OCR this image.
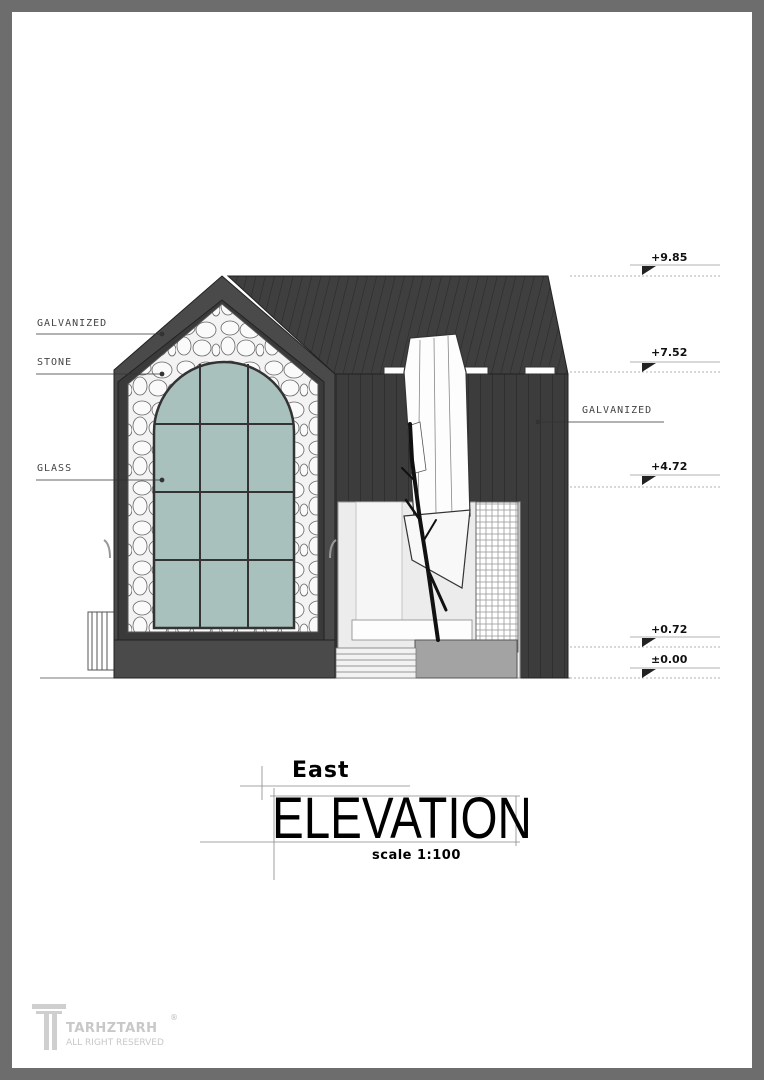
GALVANIZED
STONE
GLASS
GALVANIZED
+9.85
+7.52
+4.72
+0.72
±0.00
East
ELEVATION
scale 1:100
TARHZTARH
ALL RIGHT RESERVED
®
